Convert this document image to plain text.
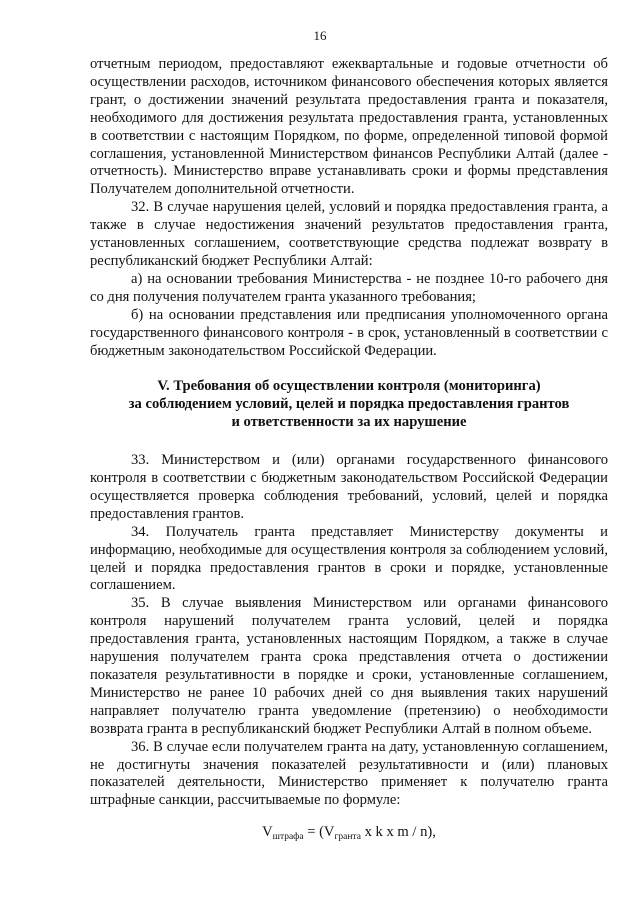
16

отчетным периодом, предоставляют ежеквартальные и годовые отчетности об осуществлении расходов, источником финансового обеспечения которых является грант, о достижении значений результата предоставления гранта и показателя, необходимого для достижения результата предоставления гранта, установленных в соответствии с настоящим Порядком, по форме, определенной типовой формой соглашения, установленной Министерством финансов Республики Алтай (далее - отчетность). Министерство вправе устанавливать сроки и формы представления Получателем дополнительной отчетности.

32. В случае нарушения целей, условий и порядка предоставления гранта, а также в случае недостижения значений результатов предоставления гранта, установленных соглашением, соответствующие средства подлежат возврату в республиканский бюджет Республики Алтай:

а) на основании требования Министерства - не позднее 10-го рабочего дня со дня получения получателем гранта указанного требования;

б) на основании представления или предписания уполномоченного органа государственного финансового контроля - в срок, установленный в соответствии с бюджетным законодательством Российской Федерации.

V. Требования об осуществлении контроля (мониторинга)
за соблюдением условий, целей и порядка предоставления грантов
и ответственности за их нарушение

33. Министерством и (или) органами государственного финансового контроля в соответствии с бюджетным законодательством Российской Федерации осуществляется проверка соблюдения требований, условий, целей и порядка предоставления грантов.

34. Получатель гранта представляет Министерству документы и информацию, необходимые для осуществления контроля за соблюдением условий, целей и порядка предоставления грантов в сроки и порядке, установленные соглашением.

35. В случае выявления Министерством или органами финансового контроля нарушений получателем гранта условий, целей и порядка предоставления гранта, установленных настоящим Порядком, а также в случае нарушения получателем гранта срока представления отчета о достижении показателя результативности в порядке и сроки, установленные соглашением, Министерство не ранее 10 рабочих дней со дня выявления таких нарушений направляет получателю гранта уведомление (претензию) о необходимости возврата гранта в республиканский бюджет Республики Алтай в полном объеме.

36. В случае если получателем гранта на дату, установленную соглашением, не достигнуты значения показателей результативности и (или) плановых показателей деятельности, Министерство применяет к получателю гранта штрафные санкции, рассчитываемые по формуле:

$V_{штрафа} = (V_{гранта}$ x k x m / n),
